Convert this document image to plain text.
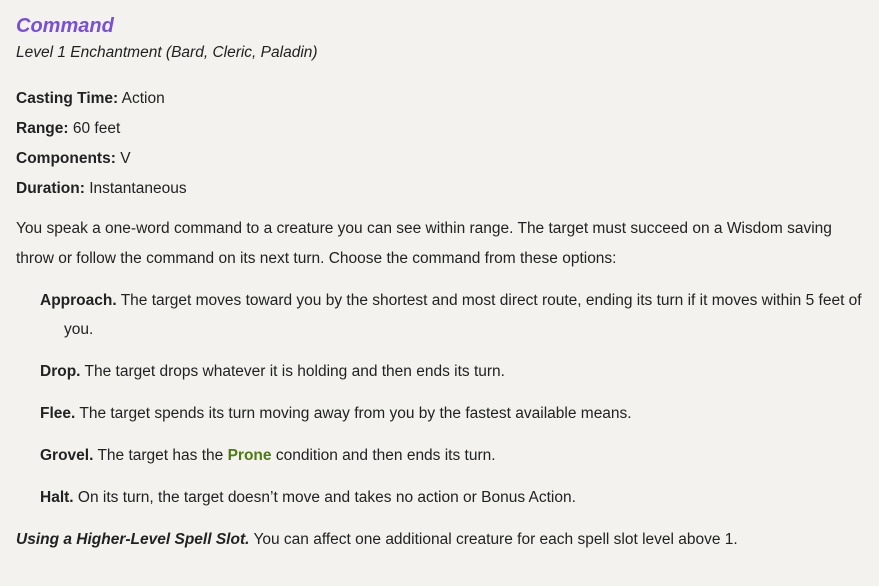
Command

Level 1 Enchantment (Bard, Cleric, Paladin)

Casting Time: Action
Range: 60 feet
Components: V
Duration: Instantaneous
You speak a one-word command to a creature you can see within range. The target must succeed on a Wisdom saving throw or follow the command on its next turn. Choose the command from these options:
Approach. The target moves toward you by the shortest and most direct route, ending its turn if it moves within 5 feet of you.
Drop. The target drops whatever it is holding and then ends its turn.
Flee. The target spends its turn moving away from you by the fastest available means.
Grovel. The target has the Prone condition and then ends its turn.
Halt. On its turn, the target doesn’t move and takes no action or Bonus Action.
Using a Higher-Level Spell Slot. You can affect one additional creature for each spell slot level above 1.
